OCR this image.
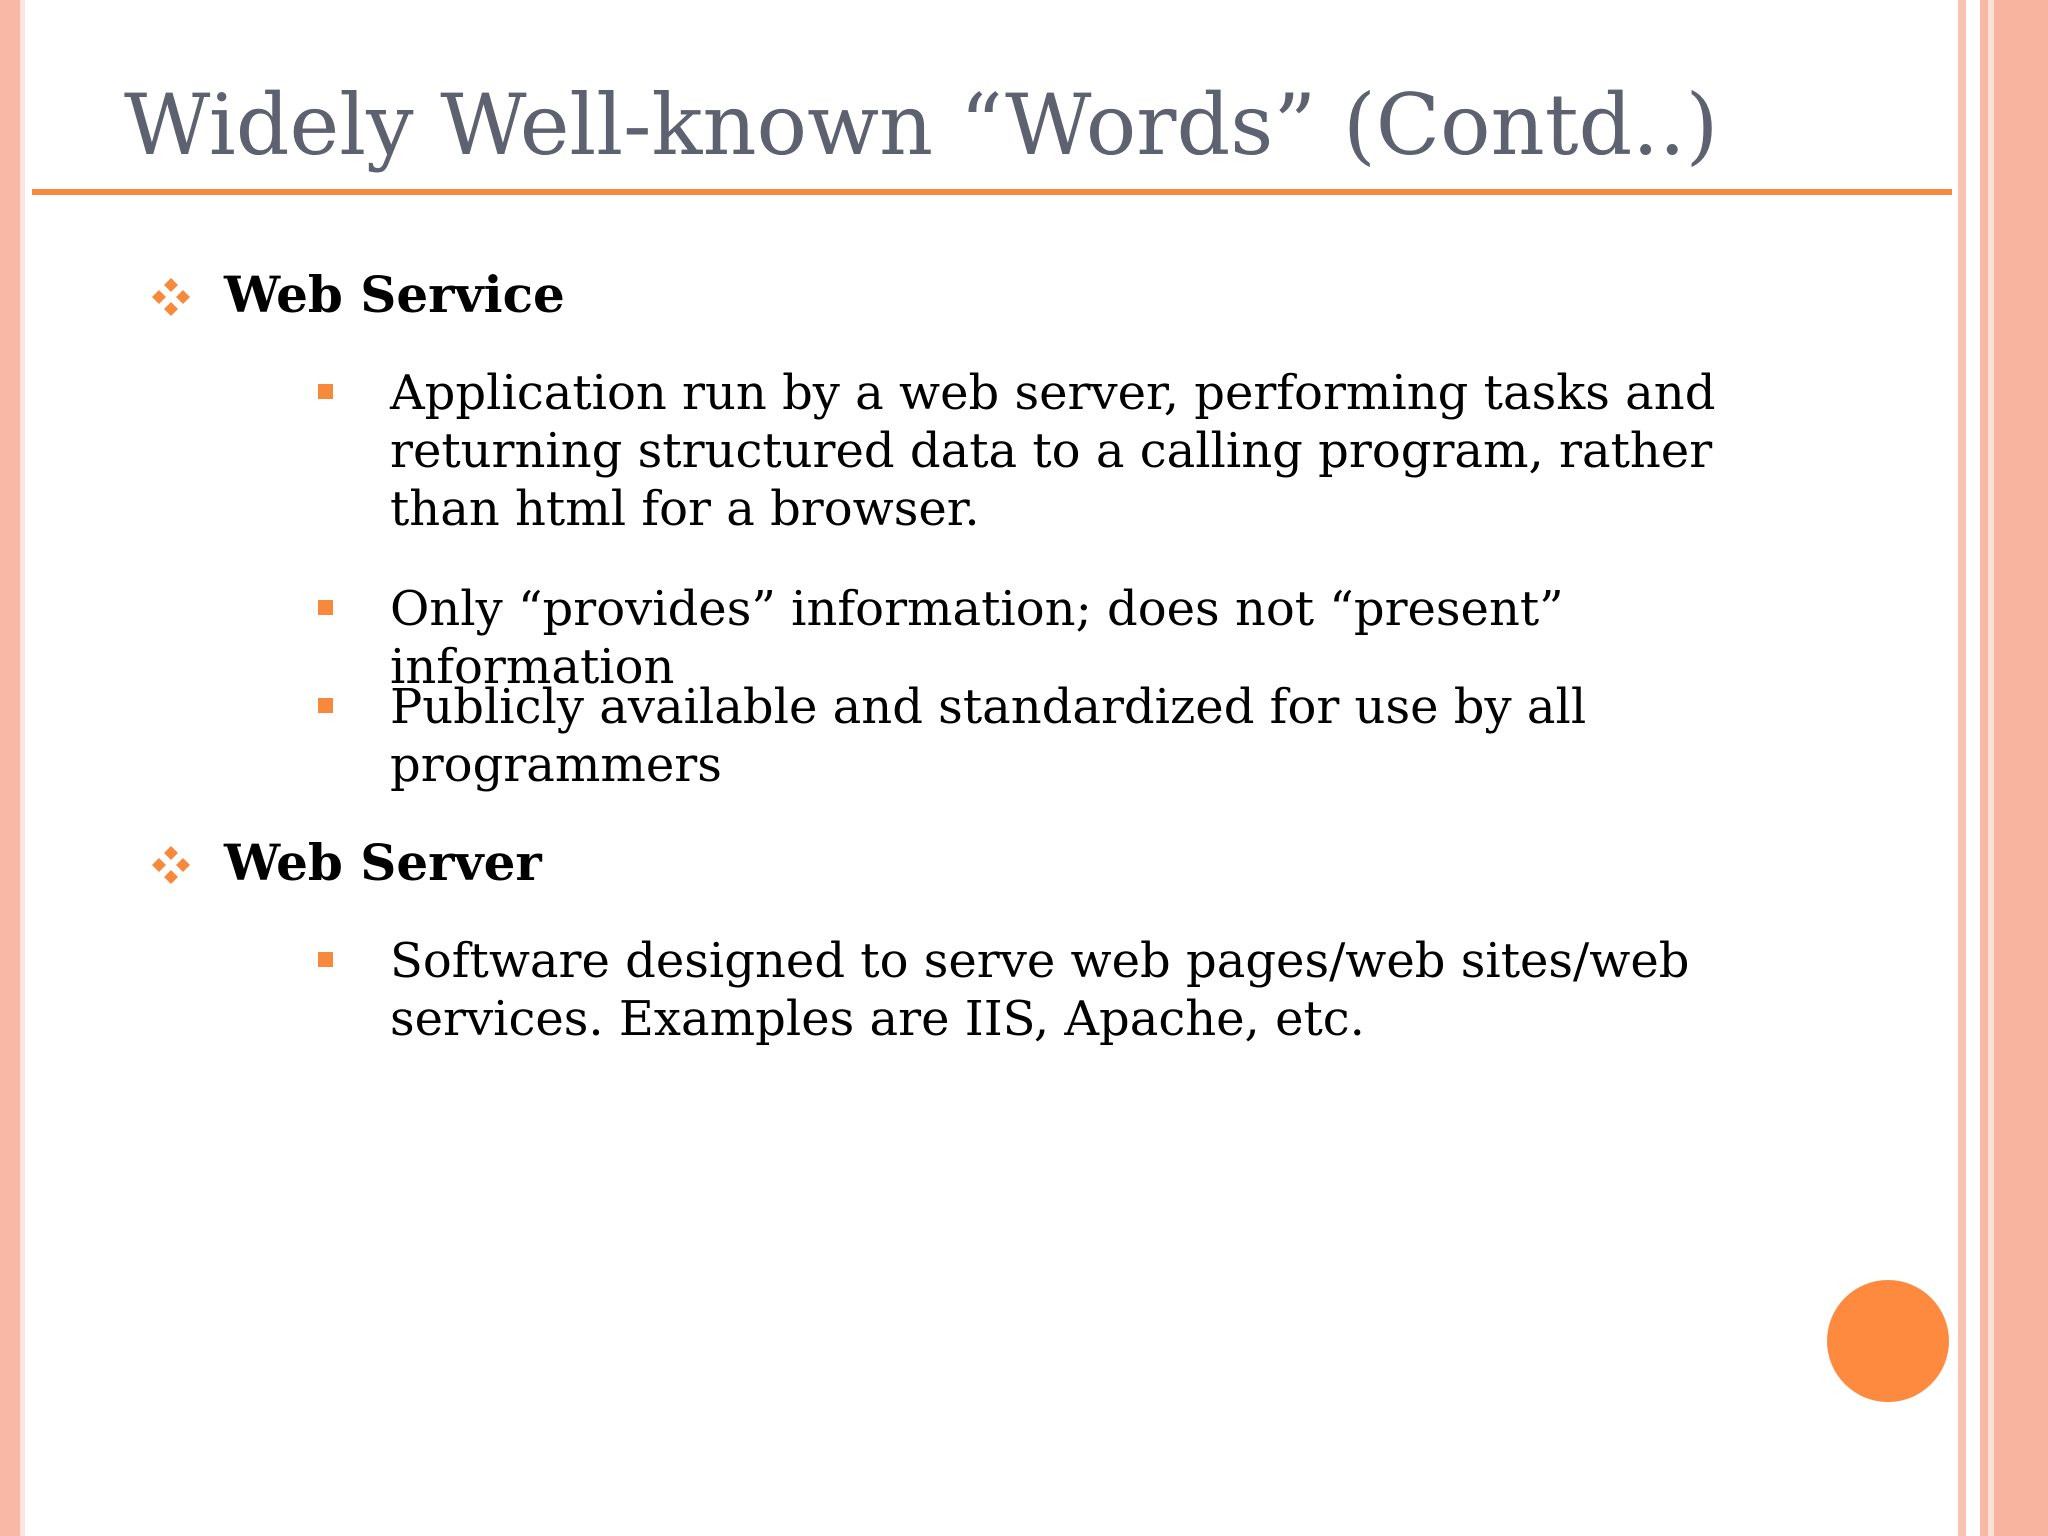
Widely Well-known “Words” (Contd..)
Web Service

Application run by a web server, performing tasks and returning structured data to a calling program, rather than html for a browser.

Only “provides” information; does not “present” information

Publicly available and standardized for use by all programmers

Web Server

Software designed to serve web pages/web sites/web services. Examples are IIS, Apache, etc.
